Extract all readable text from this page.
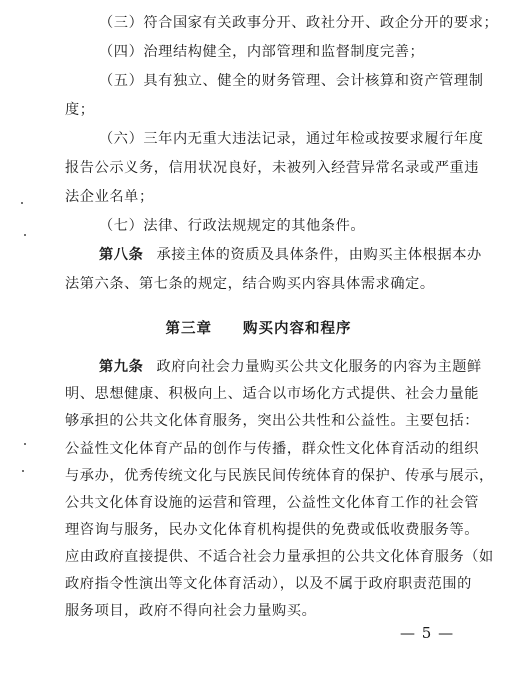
（三）符合国家有关政事分开、政社分开、政企分开的要求；
（四）治理结构健全，内部管理和监督制度完善；
（五）具有独立、健全的财务管理、会计核算和资产管理制
度；
（六）三年内无重大违法记录，通过年检或按要求履行年度
报告公示义务，信用状况良好，未被列入经营异常名录或严重违
法企业名单；
（七）法律、行政法规规定的其他条件。
第八条 承接主体的资质及具体条件，由购买主体根据本办
法第六条、第七条的规定，结合购买内容具体需求确定。
第三章　　购买内容和程序
第九条 政府向社会力量购买公共文化服务的内容为主题鲜
明、思想健康、积极向上、适合以市场化方式提供、社会力量能
够承担的公共文化体育服务，突出公共性和公益性。主要包括：
公益性文化体育产品的创作与传播，群众性文化体育活动的组织
与承办，优秀传统文化与民族民间传统体育的保护、传承与展示，
公共文化体育设施的运营和管理，公益性文化体育工作的社会管
理咨询与服务，民办文化体育机构提供的免费或低收费服务等。
应由政府直接提供、不适合社会力量承担的公共文化体育服务（如
政府指令性演出等文化体育活动），以及不属于政府职责范围的
服务项目，政府不得向社会力量购买。
— 5 —
